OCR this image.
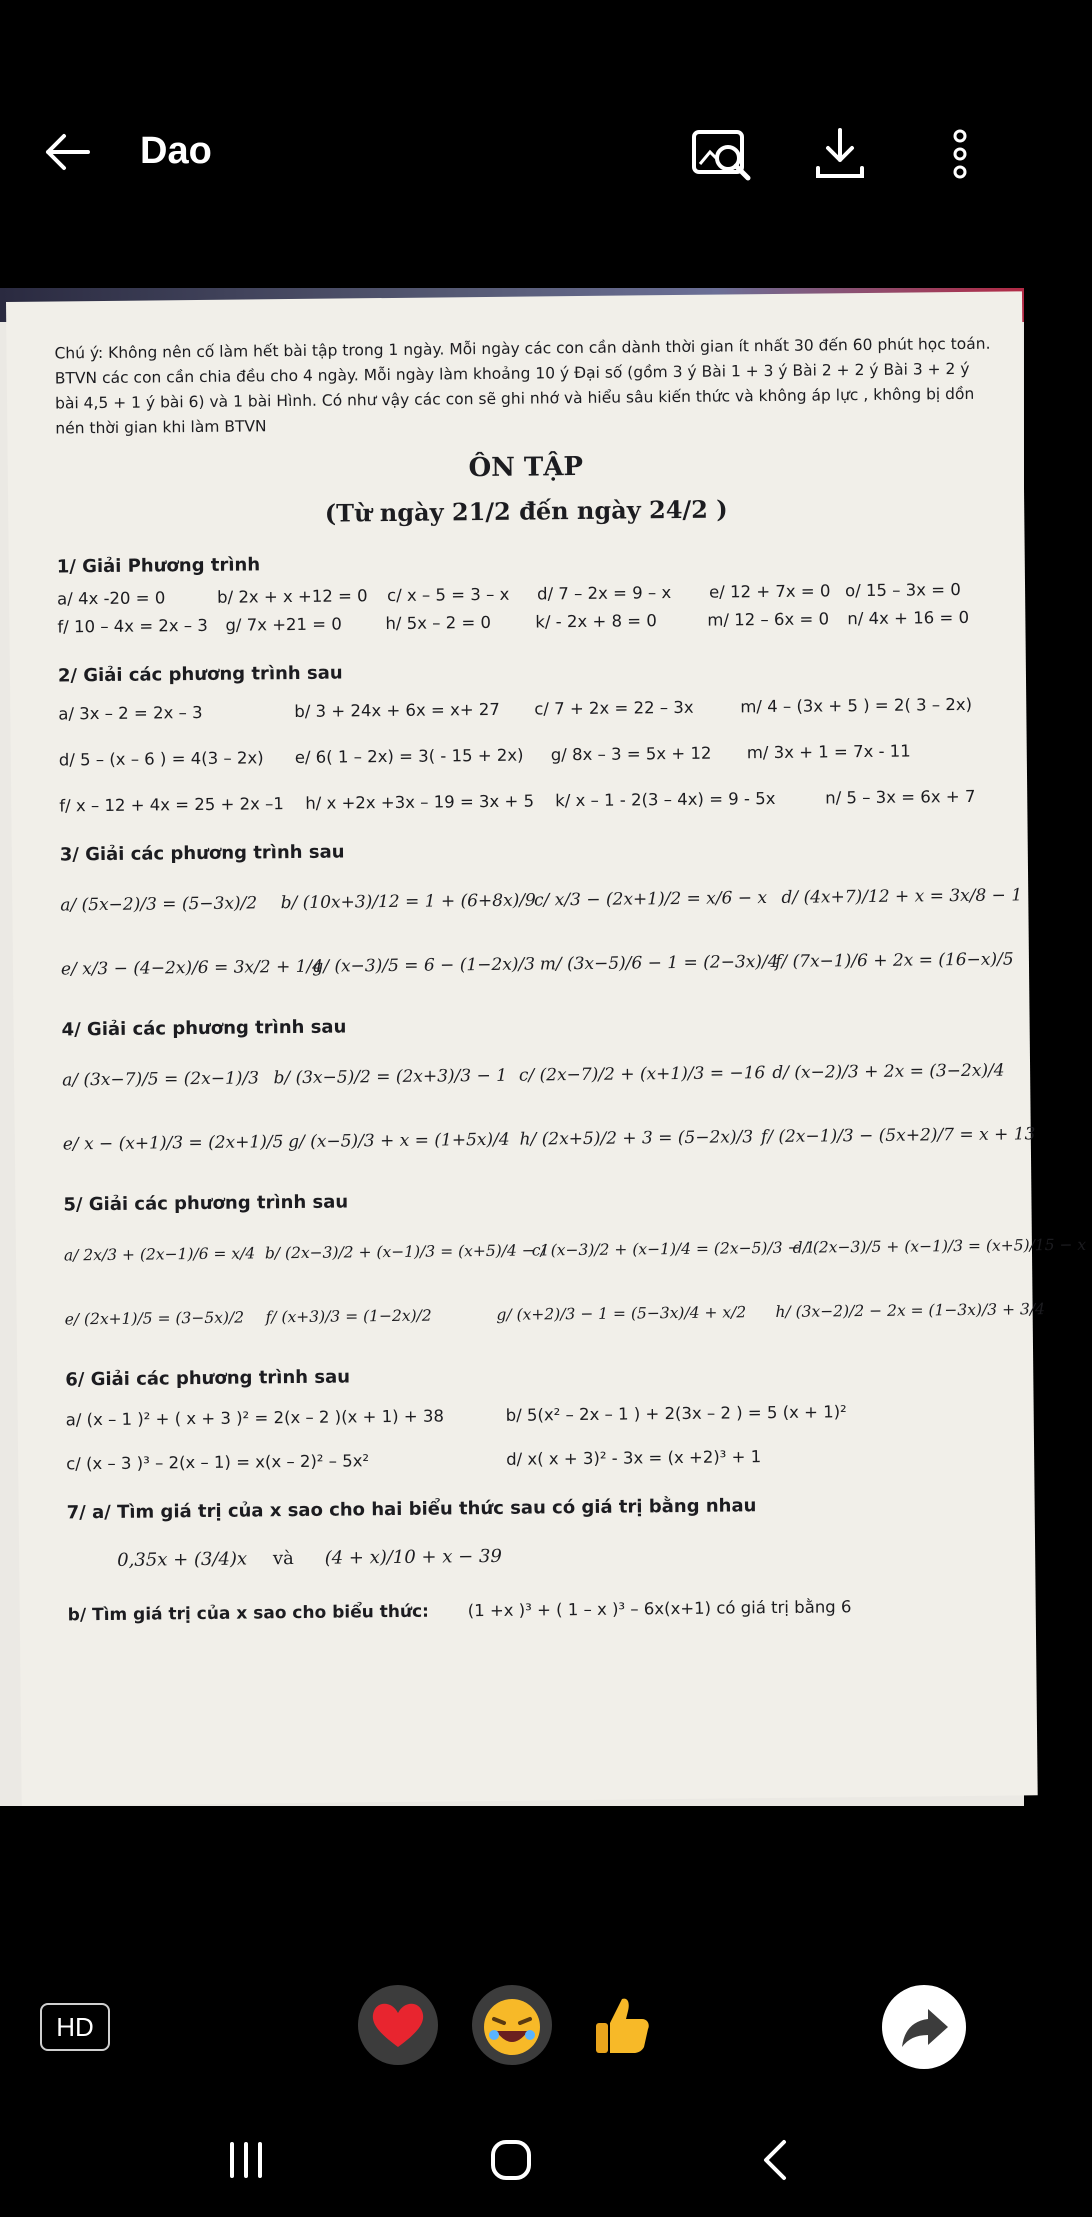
Dao
Chú ý: Không nên cố làm hết bài tập trong 1 ngày. Mỗi ngày các con cần dành thời gian ít nhất 30 đến 60 phút học toán. BTVN các con cần chia đều cho 4 ngày. Mỗi ngày làm khoảng 10 ý Đại số (gồm 3 ý Bài 1 + 3 ý Bài 2 + 2 ý Bài 3 + 2 ý bài 4,5 + 1 ý bài 6) và 1 bài Hình. Có như vậy các con sẽ ghi nhớ và hiểu sâu kiến thức và không áp lực , không bị dồn nén thời gian khi làm BTVN
ÔN TẬP
(Từ ngày 21/2 đến ngày 24/2 )
1/ Giải Phương trình
a/ 4x -20 = 0	b/ 2x + x +12 = 0	c/ x – 5 = 3 – x	d/ 7 – 2x = 9 – x	e/ 12 + 7x = 0 o/ 15 – 3x = 0
f/ 10 – 4x = 2x – 3	g/ 7x +21 = 0	h/ 5x – 2 = 0	k/ - 2x + 8 = 0	m/ 12 – 6x = 0	n/ 4x + 16 = 0
2/ Giải các phương trình sau
a/ 3x – 2 = 2x – 3	b/ 3 + 24x + 6x = x+ 27	c/ 7 + 2x = 22 – 3x	m/ 4 – (3x + 5 ) = 2( 3 – 2x)
d/ 5 – (x – 6 ) = 4(3 – 2x)	e/ 6( 1 – 2x) = 3( - 15 + 2x)	g/ 8x – 3 = 5x + 12	m/ 3x + 1 = 7x - 11
f/ x – 12 + 4x = 25 + 2x –1	h/ x +2x +3x – 19 = 3x + 5	k/ x – 1 - 2(3 – 4x) = 9 - 5x	n/ 5 – 3x = 6x + 7
3/ Giải các phương trình sau
a/ (5x−2)/3 = (5−3x)/2 b/ (10x+3)/12 = 1 + (6+8x)/9 c/ x/3 − (2x+1)/2 = x/6 − x d/ (4x+7)/12 + x = 3x/8 − 1
e/ x/3 − (4−2x)/6 = 3x/2 + 1/4 g/ (x−3)/5 = 6 − (1−2x)/3 m/ (3x−5)/6 − 1 = (2−3x)/4 f/ (7x−1)/6 + 2x = (16−x)/5
4/ Giải các phương trình sau
a/ (3x−7)/5 = (2x−1)/3 b/ (3x−5)/2 = (2x+3)/3 − 1 c/ (2x−7)/2 + (x+1)/3 = −16 d/ (x−2)/3 + 2x = (3−2x)/4
e/ x − (x+1)/3 = (2x+1)/5 g/ (x−5)/3 + x = (1+5x)/4 h/ (2x+5)/2 + 3 = (5−2x)/3 f/ (2x−1)/3 − (5x+2)/7 = x + 13
5/ Giải các phương trình sau
a/ 2x/3 + (2x−1)/6 = x/4 b/ (2x−3)/2 + (x−1)/3 = (x+5)/4 − 1 c/ (x−3)/2 + (x−1)/4 = (2x−5)/3 − 1 d/ (2x−3)/5 + (x−1)/3 = (x+5)/15 − x
e/ (2x+1)/5 = (3−5x)/2 f/ (x+3)/3 = (1−2x)/2	g/ (x+2)/3 − 1 = (5−3x)/4 + x/2 h/ (3x−2)/2 − 2x = (1−3x)/3 + 3/4
6/ Giải các phương trình sau
a/ (x – 1 )² + ( x + 3 )² = 2(x – 2 )(x + 1) + 38	b/ 5(x² – 2x – 1 ) + 2(3x – 2 ) = 5 (x + 1)²
c/ (x – 3 )³ – 2(x – 1) = x(x – 2)² – 5x²	d/ x( x + 3)² - 3x = (x +2)³ + 1
7/ a/ Tìm giá trị của x sao cho hai biểu thức sau có giá trị bằng nhau
0,35x + (3/4)x và (4 + x)/10 + x − 39
b/ Tìm giá trị của x sao cho biểu thức:	(1 +x )³ + ( 1 – x )³ – 6x(x+1) có giá trị bằng 6
HD
